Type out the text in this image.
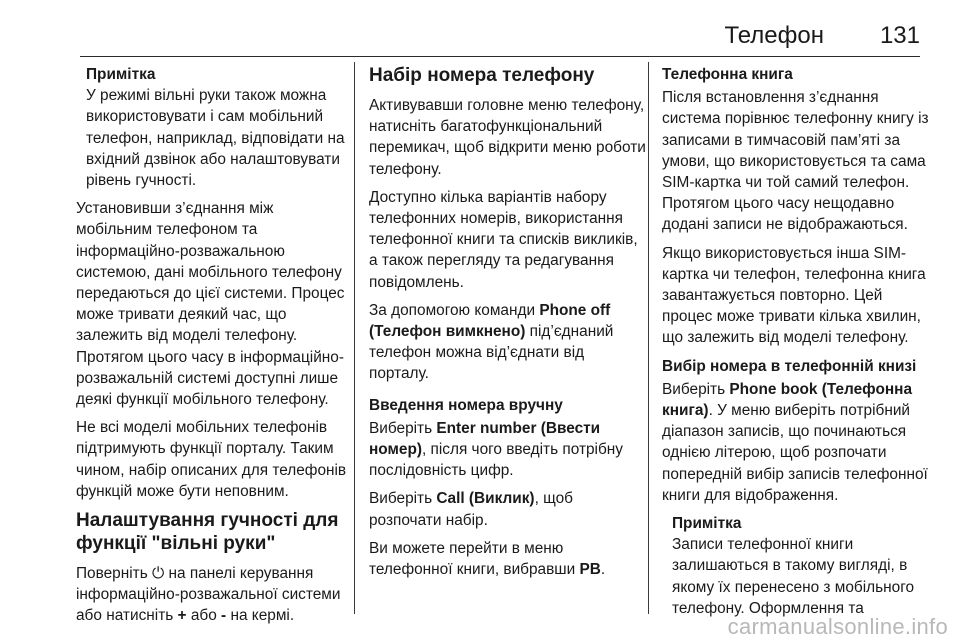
Телефон 131
Примітка
У режимі вільні руки також можна використовувати і сам мобільний телефон, наприклад, відповідати на вхідний дзвінок або налаштовувати рівень гучності.

Установивши з’єднання між мобільним телефоном та інформаційно-розважальною системою, дані мобільного телефону передаються до цієї системи. Процес може тривати деякий час, що залежить від моделі телефону. Протягом цього часу в інформаційно-розважальній системі доступні лише деякі функції мобільного телефону.

Не всі моделі мобільних телефонів підтримують функції порталу. Таким чином, набір описаних для телефонів функцій може бути неповним.

Налаштування гучності для функції "вільні руки"

Поверніть ⏻ на панелі керування інформаційно-розважальної системи або натисніть + або - на кермі.

Набір номера телефону

Активувавши головне меню телефону, натисніть багатофункціональний перемикач, щоб відкрити меню роботи телефону.

Доступно кілька варіантів набору телефонних номерів, використання телефонної книги та списків викликів, а також перегляду та редагування повідомлень.

За допомогою команди Phone off (Телефон вимкнено) під’єднаний телефон можна від’єднати від порталу.

Введення номера вручну

Виберіть Enter number (Ввести номер), після чого введіть потрібну послідовність цифр.

Виберіть Call (Виклик), щоб розпочати набір.

Ви можете перейти в меню телефонної книги, вибравши PB.

Телефонна книга

Після встановлення з’єднання система порівнює телефонну книгу із записами в тимчасовій пам’яті за умови, що використовується та сама SIM-картка чи той самий телефон. Протягом цього часу нещодавно додані записи не відображаються.

Якщо використовується інша SIM-картка чи телефон, телефонна книга завантажується повторно. Цей процес може тривати кілька хвилин, що залежить від моделі телефону.

Вибір номера в телефонній книзі

Виберіть Phone book (Телефонна книга). У меню виберіть потрібний діапазон записів, що починаються однією літерою, щоб розпочати попередній вибір записів телефонної книги для відображення.

Примітка
Записи телефонної книги залишаються в такому вигляді, в якому їх перенесено з мобільного телефону. Оформлення та
carmanualsonline.info
